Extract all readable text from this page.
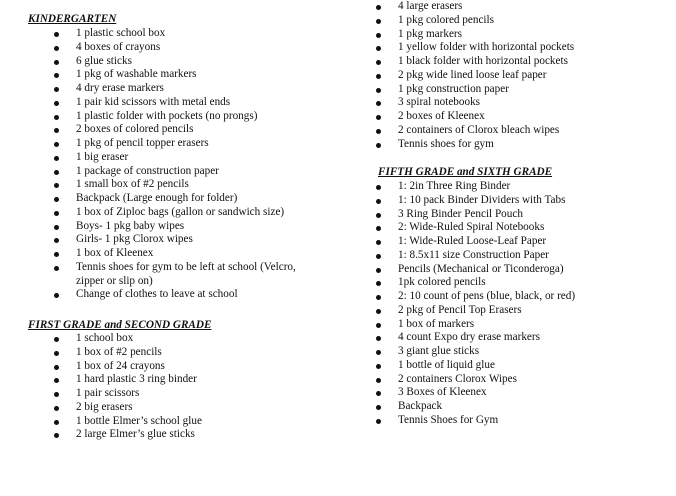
KINDERGARTEN
1 plastic school box
4 boxes of crayons
6 glue sticks
1 pkg of washable markers
4 dry erase markers
1 pair kid scissors with metal ends
1 plastic folder with pockets (no prongs)
2 boxes of colored pencils
1 pkg of pencil topper erasers
1 big eraser
1 package of construction paper
1 small box of #2 pencils
Backpack (Large enough for folder)
1 box of Ziploc bags (gallon or sandwich size)
Boys- 1 pkg baby wipes
Girls- 1 pkg Clorox wipes
1 box of Kleenex
Tennis shoes for gym to be left at school (Velcro, zipper or slip on)
Change of clothes to leave at school
FIRST GRADE and SECOND GRADE
1 school box
1 box of #2 pencils
1 box of 24 crayons
1 hard plastic 3 ring binder
1 pair scissors
2 big erasers
1 bottle Elmer’s school glue
2 large Elmer’s glue sticks
4 large erasers
1 pkg colored pencils
1 pkg markers
1 yellow folder with horizontal pockets
1 black folder with horizontal pockets
2 pkg wide lined loose leaf paper
1 pkg construction paper
3 spiral notebooks
2 boxes of Kleenex
2 containers of Clorox bleach wipes
Tennis shoes for gym
FIFTH GRADE and SIXTH GRADE
1: 2in Three Ring Binder
1: 10 pack Binder Dividers with Tabs
3 Ring Binder Pencil Pouch
2: Wide-Ruled Spiral Notebooks
1: Wide-Ruled Loose-Leaf Paper
1: 8.5x11 size Construction Paper
Pencils (Mechanical or Ticonderoga)
1pk colored pencils
2: 10 count of pens (blue, black, or red)
2 pkg of Pencil Top Erasers
1 box of markers
4 count Expo dry erase markers
3 giant glue sticks
1 bottle of liquid glue
2 containers Clorox Wipes
3 Boxes of Kleenex
Backpack
Tennis Shoes for Gym
